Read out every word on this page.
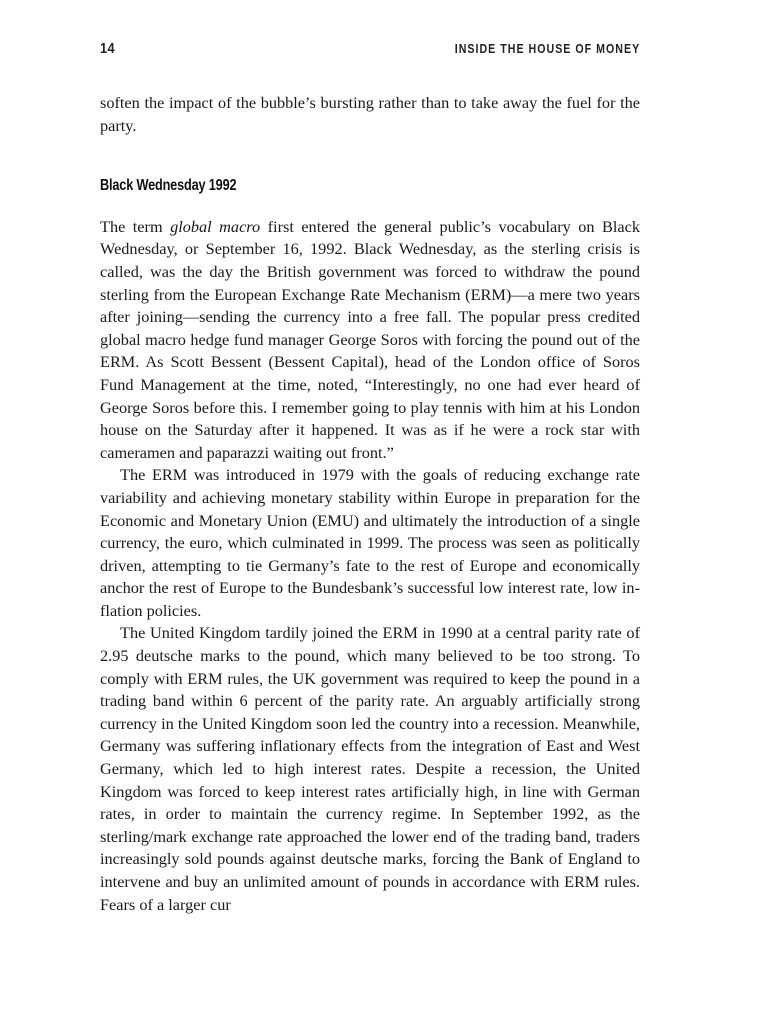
14	INSIDE THE HOUSE OF MONEY

soften the impact of the bubble’s bursting rather than to take away the fuel for the party.

Black Wednesday 1992

The term global macro first entered the general public’s vocabulary on Black Wednesday, or September 16, 1992. Black Wednesday, as the sterling crisis is called, was the day the British government was forced to withdraw the pound sterling from the European Exchange Rate Mechanism (ERM)—a mere two years after joining—sending the currency into a free fall. The popular press credited global macro hedge fund manager George Soros with forcing the pound out of the ERM. As Scott Bessent (Bessent Capital), head of the London office of Soros Fund Management at the time, noted, “Interestingly, no one had ever heard of George Soros before this. I remember going to play tennis with him at his London house on the Saturday after it happened. It was as if he were a rock star with cameramen and paparazzi waiting out front.”

The ERM was introduced in 1979 with the goals of reducing exchange rate variability and achieving monetary stability within Europe in preparation for the Economic and Monetary Union (EMU) and ultimately the introduction of a single currency, the euro, which culminated in 1999. The process was seen as politically driven, attempting to tie Germany’s fate to the rest of Europe and economically anchor the rest of Europe to the Bundesbank’s successful low interest rate, low inflation policies.

The United Kingdom tardily joined the ERM in 1990 at a central parity rate of 2.95 deutsche marks to the pound, which many believed to be too strong. To comply with ERM rules, the UK government was required to keep the pound in a trading band within 6 percent of the parity rate. An arguably artificially strong currency in the United Kingdom soon led the country into a recession. Meanwhile, Germany was suffering inflationary effects from the integration of East and West Germany, which led to high interest rates. Despite a recession, the United Kingdom was forced to keep interest rates artificially high, in line with German rates, in order to maintain the currency regime. In September 1992, as the sterling/mark exchange rate approached the lower end of the trading band, traders increasingly sold pounds against deutsche marks, forcing the Bank of England to intervene and buy an unlimited amount of pounds in accordance with ERM rules. Fears of a larger cur
